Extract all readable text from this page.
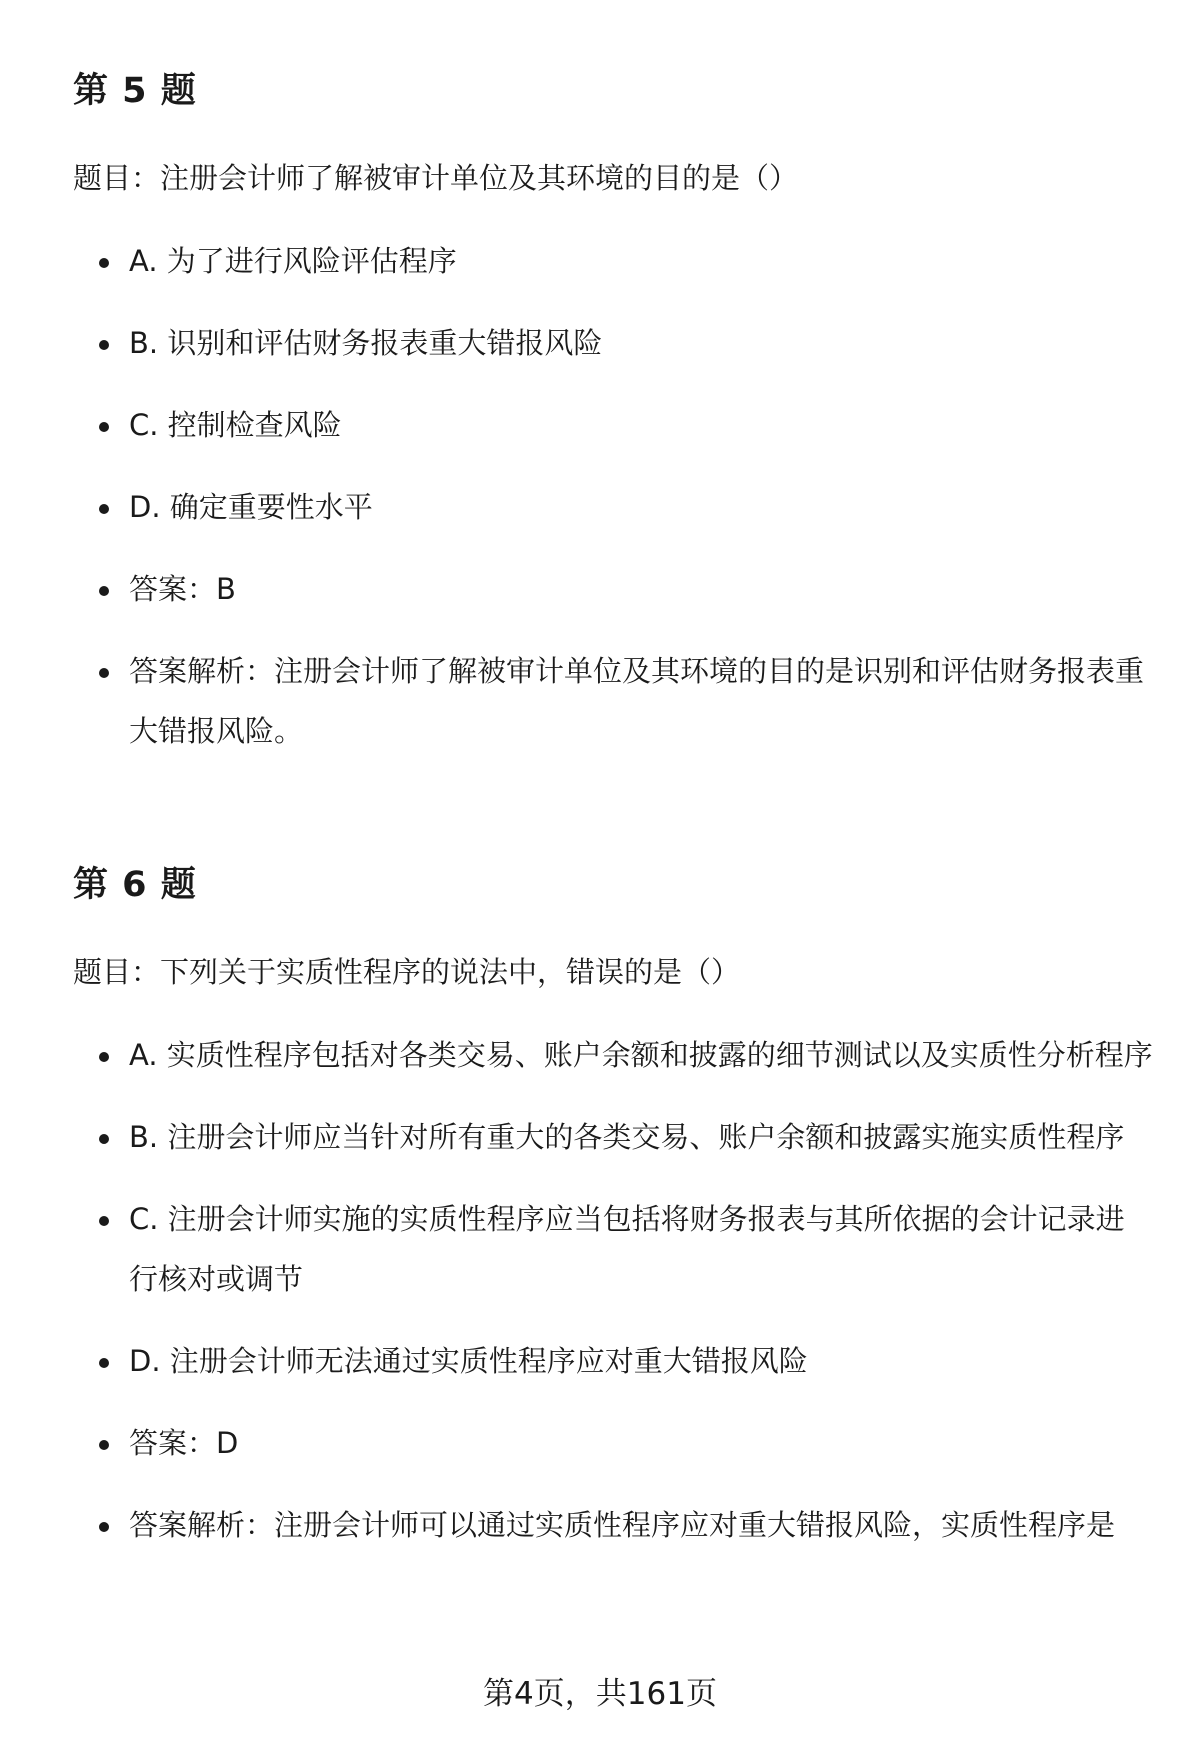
第 5 题

题目：注册会计师了解被审计单位及其环境的目的是（）

A. 为了进行风险评估程序
B. 识别和评估财务报表重大错报风险
C. 控制检查风险
D. 确定重要性水平
答案：B
答案解析：注册会计师了解被审计单位及其环境的目的是识别和评估财务报表重大错报风险。
第 6 题

题目：下列关于实质性程序的说法中，错误的是（）

A. 实质性程序包括对各类交易、账户余额和披露的细节测试以及实质性分析程序
B. 注册会计师应当针对所有重大的各类交易、账户余额和披露实施实质性程序
C. 注册会计师实施的实质性程序应当包括将财务报表与其所依据的会计记录进行核对或调节
D. 注册会计师无法通过实质性程序应对重大错报风险
答案：D
答案解析：注册会计师可以通过实质性程序应对重大错报风险，实质性程序是
第4页，共161页
